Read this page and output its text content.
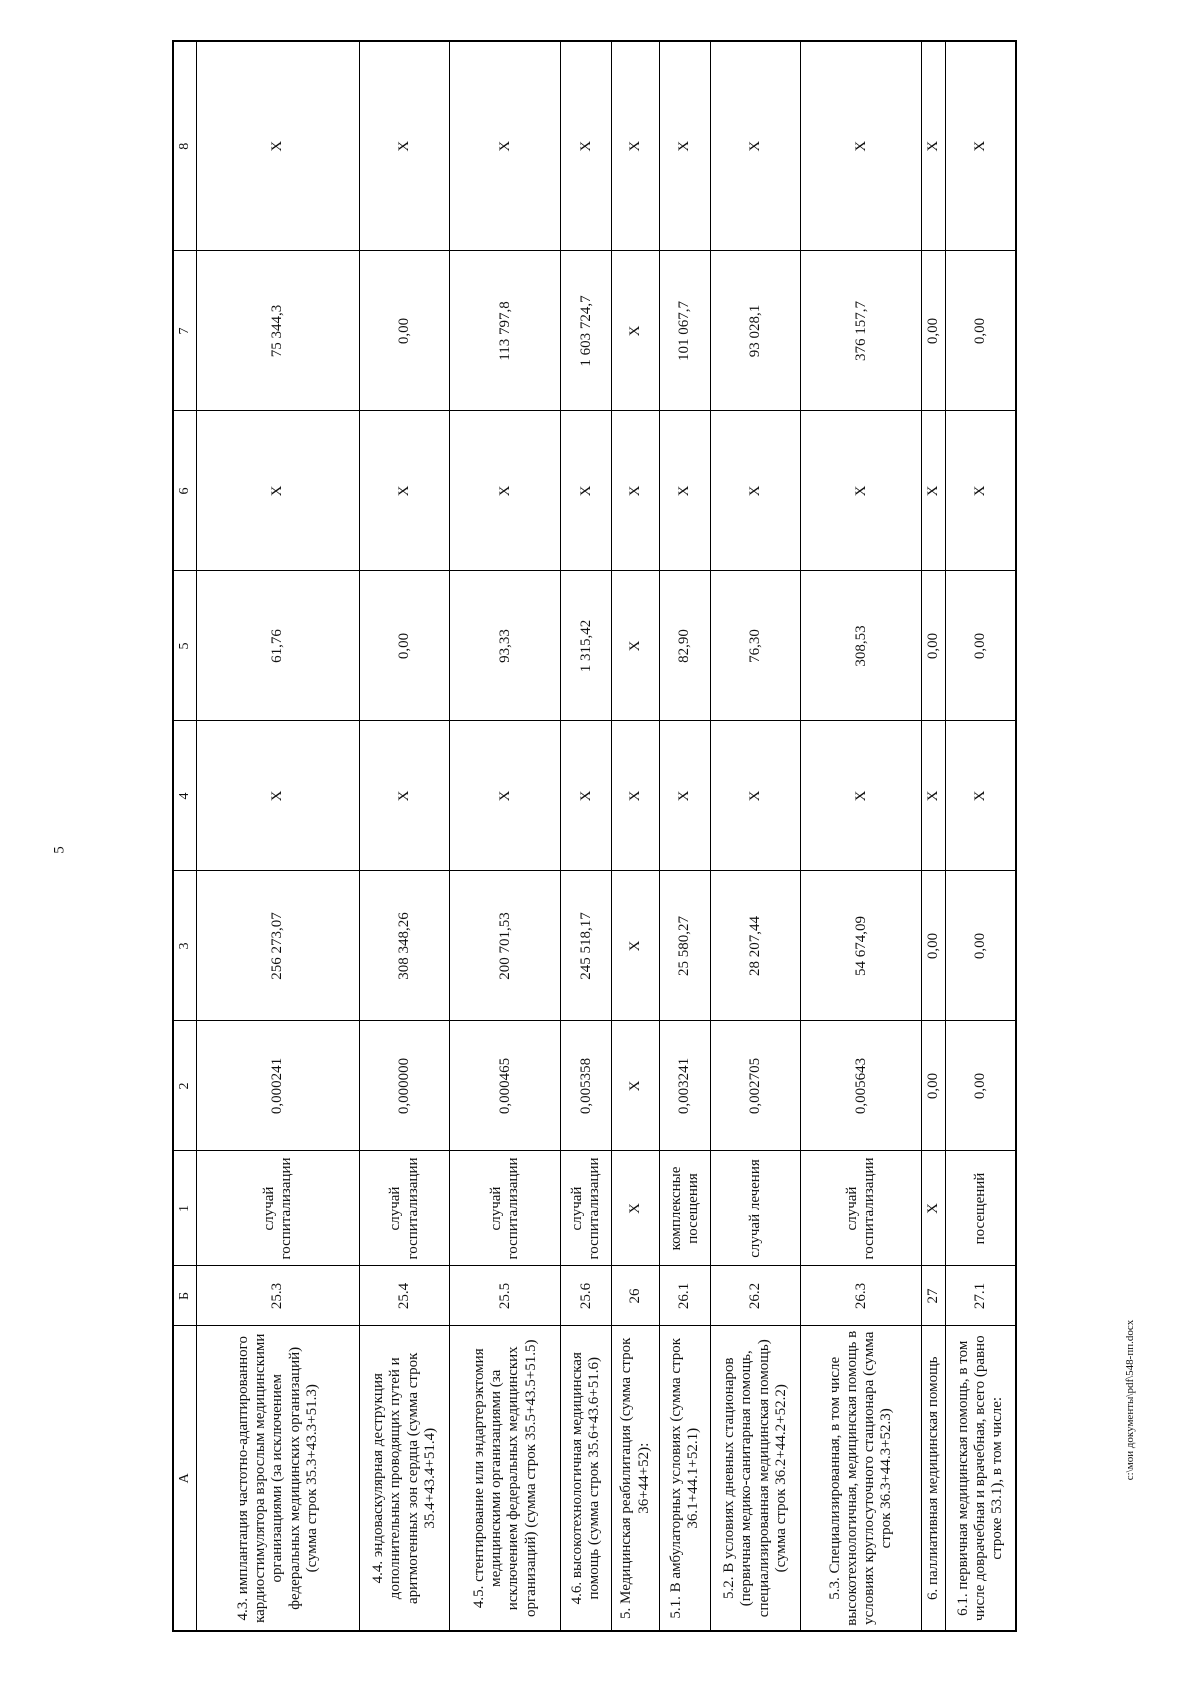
5
А	Б	1	2	3	4	5	6	7	8
4.3. имплантация частотно-адаптированного кардиостимулятора взрослым медицинскими организациями (за исключением федеральных медицинских организаций) (сумма строк 35.3+43.3+51.3)	25.3	случай госпитализации	0,000241	256 273,07	Х	61,76	Х	75 344,3	Х
4.4. эндоваскулярная деструкция дополнительных проводящих путей и аритмогенных зон сердца (сумма строк 35.4+43.4+51.4)	25.4	случай госпитализации	0,000000	308 348,26	Х	0,00	Х	0,00	Х
4.5. стентирование или эндартерэктомия медицинскими организациями (за исключением федеральных медицинских организаций) (сумма строк 35.5+43.5+51.5)	25.5	случай госпитализации	0,000465	200 701,53	Х	93,33	Х	113 797,8	Х
4.6. высокотехнологичная медицинская помощь (сумма строк 35.6+43.6+51.6)	25.6	случай госпитализации	0,005358	245 518,17	Х	1 315,42	Х	1 603 724,7	Х
5. Медицинская реабилитация (сумма строк 36+44+52):	26	Х	Х	Х	Х	Х	Х	Х	Х
5.1. В амбулаторных условиях (сумма строк 36.1+44.1+52.1)	26.1	комплексные посещения	0,003241	25 580,27	Х	82,90	Х	101 067,7	Х
5.2. В условиях дневных стационаров (первичная медико-санитарная помощь, специализированная медицинская помощь) (сумма строк 36.2+44.2+52.2)	26.2	случай лечения	0,002705	28 207,44	Х	76,30	Х	93 028,1	Х
5.3. Специализированная, в том числе высокотехнологичная, медицинская помощь в условиях круглосуточного стационара (сумма строк 36.3+44.3+52.3)	26.3	случай госпитализации	0,005643	54 674,09	Х	308,53	Х	376 157,7	Х
6. паллиативная медицинская помощь	27	Х	0,00	0,00	Х	0,00	Х	0,00	Х
6.1. первичная медицинская помощь, в том числе доврачебная и врачебная, всего (равно строке 53.1), в том числе:	27.1	посещений	0,00	0,00	Х	0,00	Х	0,00	Х
c:\мои документы\pdf\548-пп.docx
